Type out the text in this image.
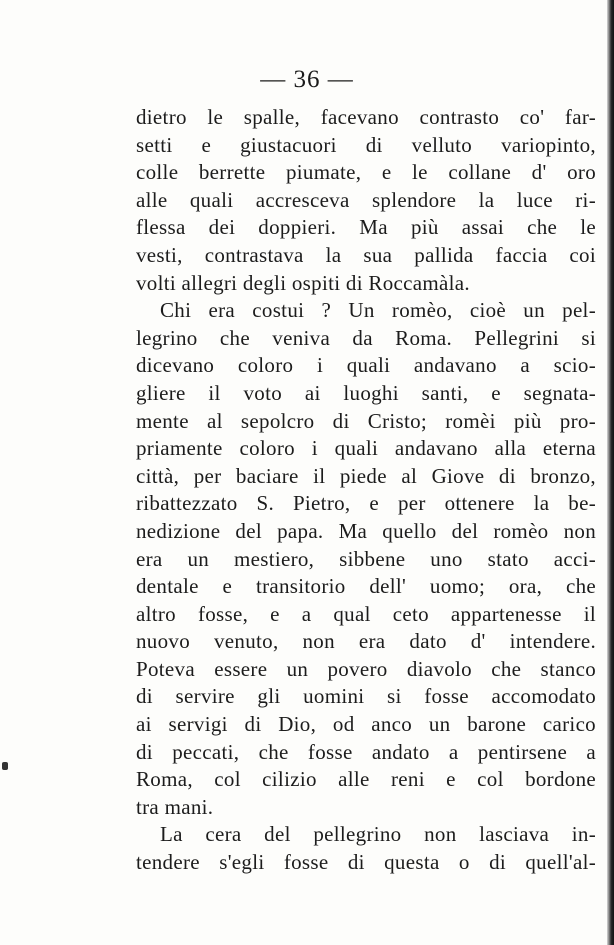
— 36 —
dietro le spalle, facevano contrasto co' far-
setti e giustacuori di velluto variopinto,
colle berrette piumate, e le collane d' oro
alle quali accresceva splendore la luce ri-
flessa dei doppieri. Ma più assai che le
vesti, contrastava la sua pallida faccia coi
volti allegri degli ospiti di Roccamàla.
Chi era costui ? Un romèo, cioè un pel-
legrino che veniva da Roma. Pellegrini si
dicevano coloro i quali andavano a scio-
gliere il voto ai luoghi santi, e segnata-
mente al sepolcro di Cristo; romèi più pro-
priamente coloro i quali andavano alla eterna
città, per baciare il piede al Giove di bronzo,
ribattezzato S. Pietro, e per ottenere la be-
nedizione del papa. Ma quello del romèo non
era un mestiero, sibbene uno stato acci-
dentale e transitorio dell' uomo; ora, che
altro fosse, e a qual ceto appartenesse il
nuovo venuto, non era dato d' intendere.
Poteva essere un povero diavolo che stanco
di servire gli uomini si fosse accomodato
ai servigi di Dio, od anco un barone carico
di peccati, che fosse andato a pentirsene a
Roma, col cilizio alle reni e col bordone
tra mani.
La cera del pellegrino non lasciava in-
tendere s'egli fosse di questa o di quell'al-
